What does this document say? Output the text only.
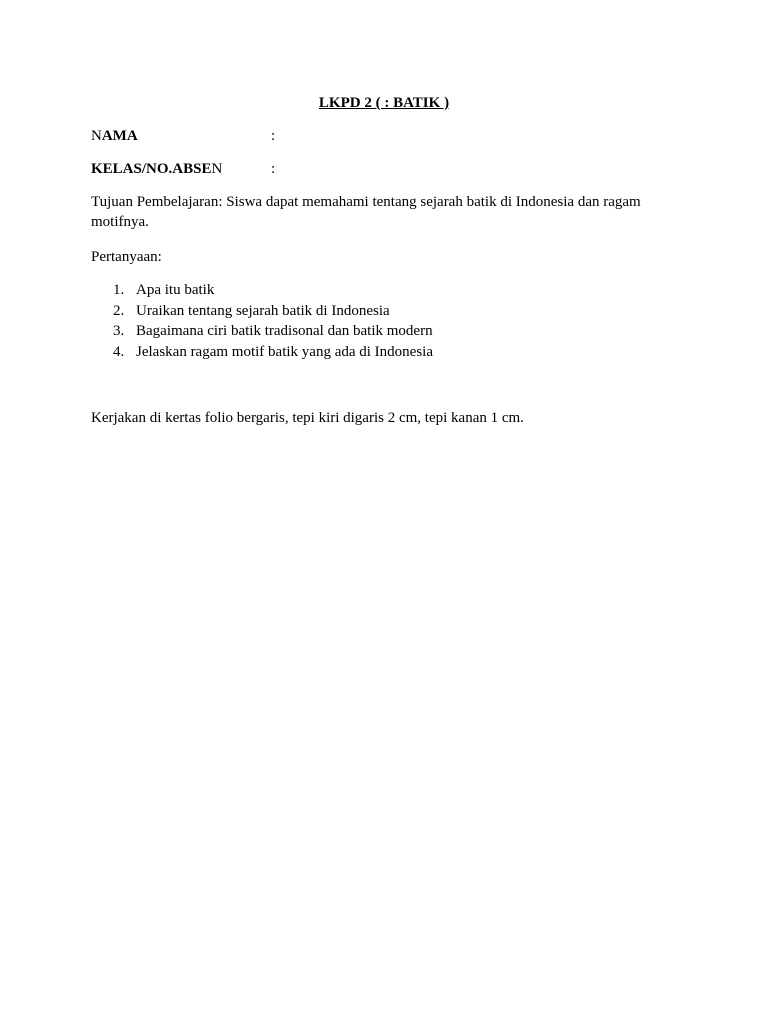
LKPD 2 ( : BATIK )
NAMA	:
KELAS/NO.ABSEN	:
Tujuan Pembelajaran: Siswa dapat memahami tentang sejarah batik di Indonesia dan ragam motifnya.
Pertanyaan:
1. Apa itu batik
2. Uraikan tentang sejarah batik di Indonesia
3. Bagaimana ciri batik tradisonal dan batik modern
4. Jelaskan ragam motif batik yang ada di Indonesia
Kerjakan di kertas folio bergaris, tepi kiri digaris 2 cm, tepi kanan 1 cm.
